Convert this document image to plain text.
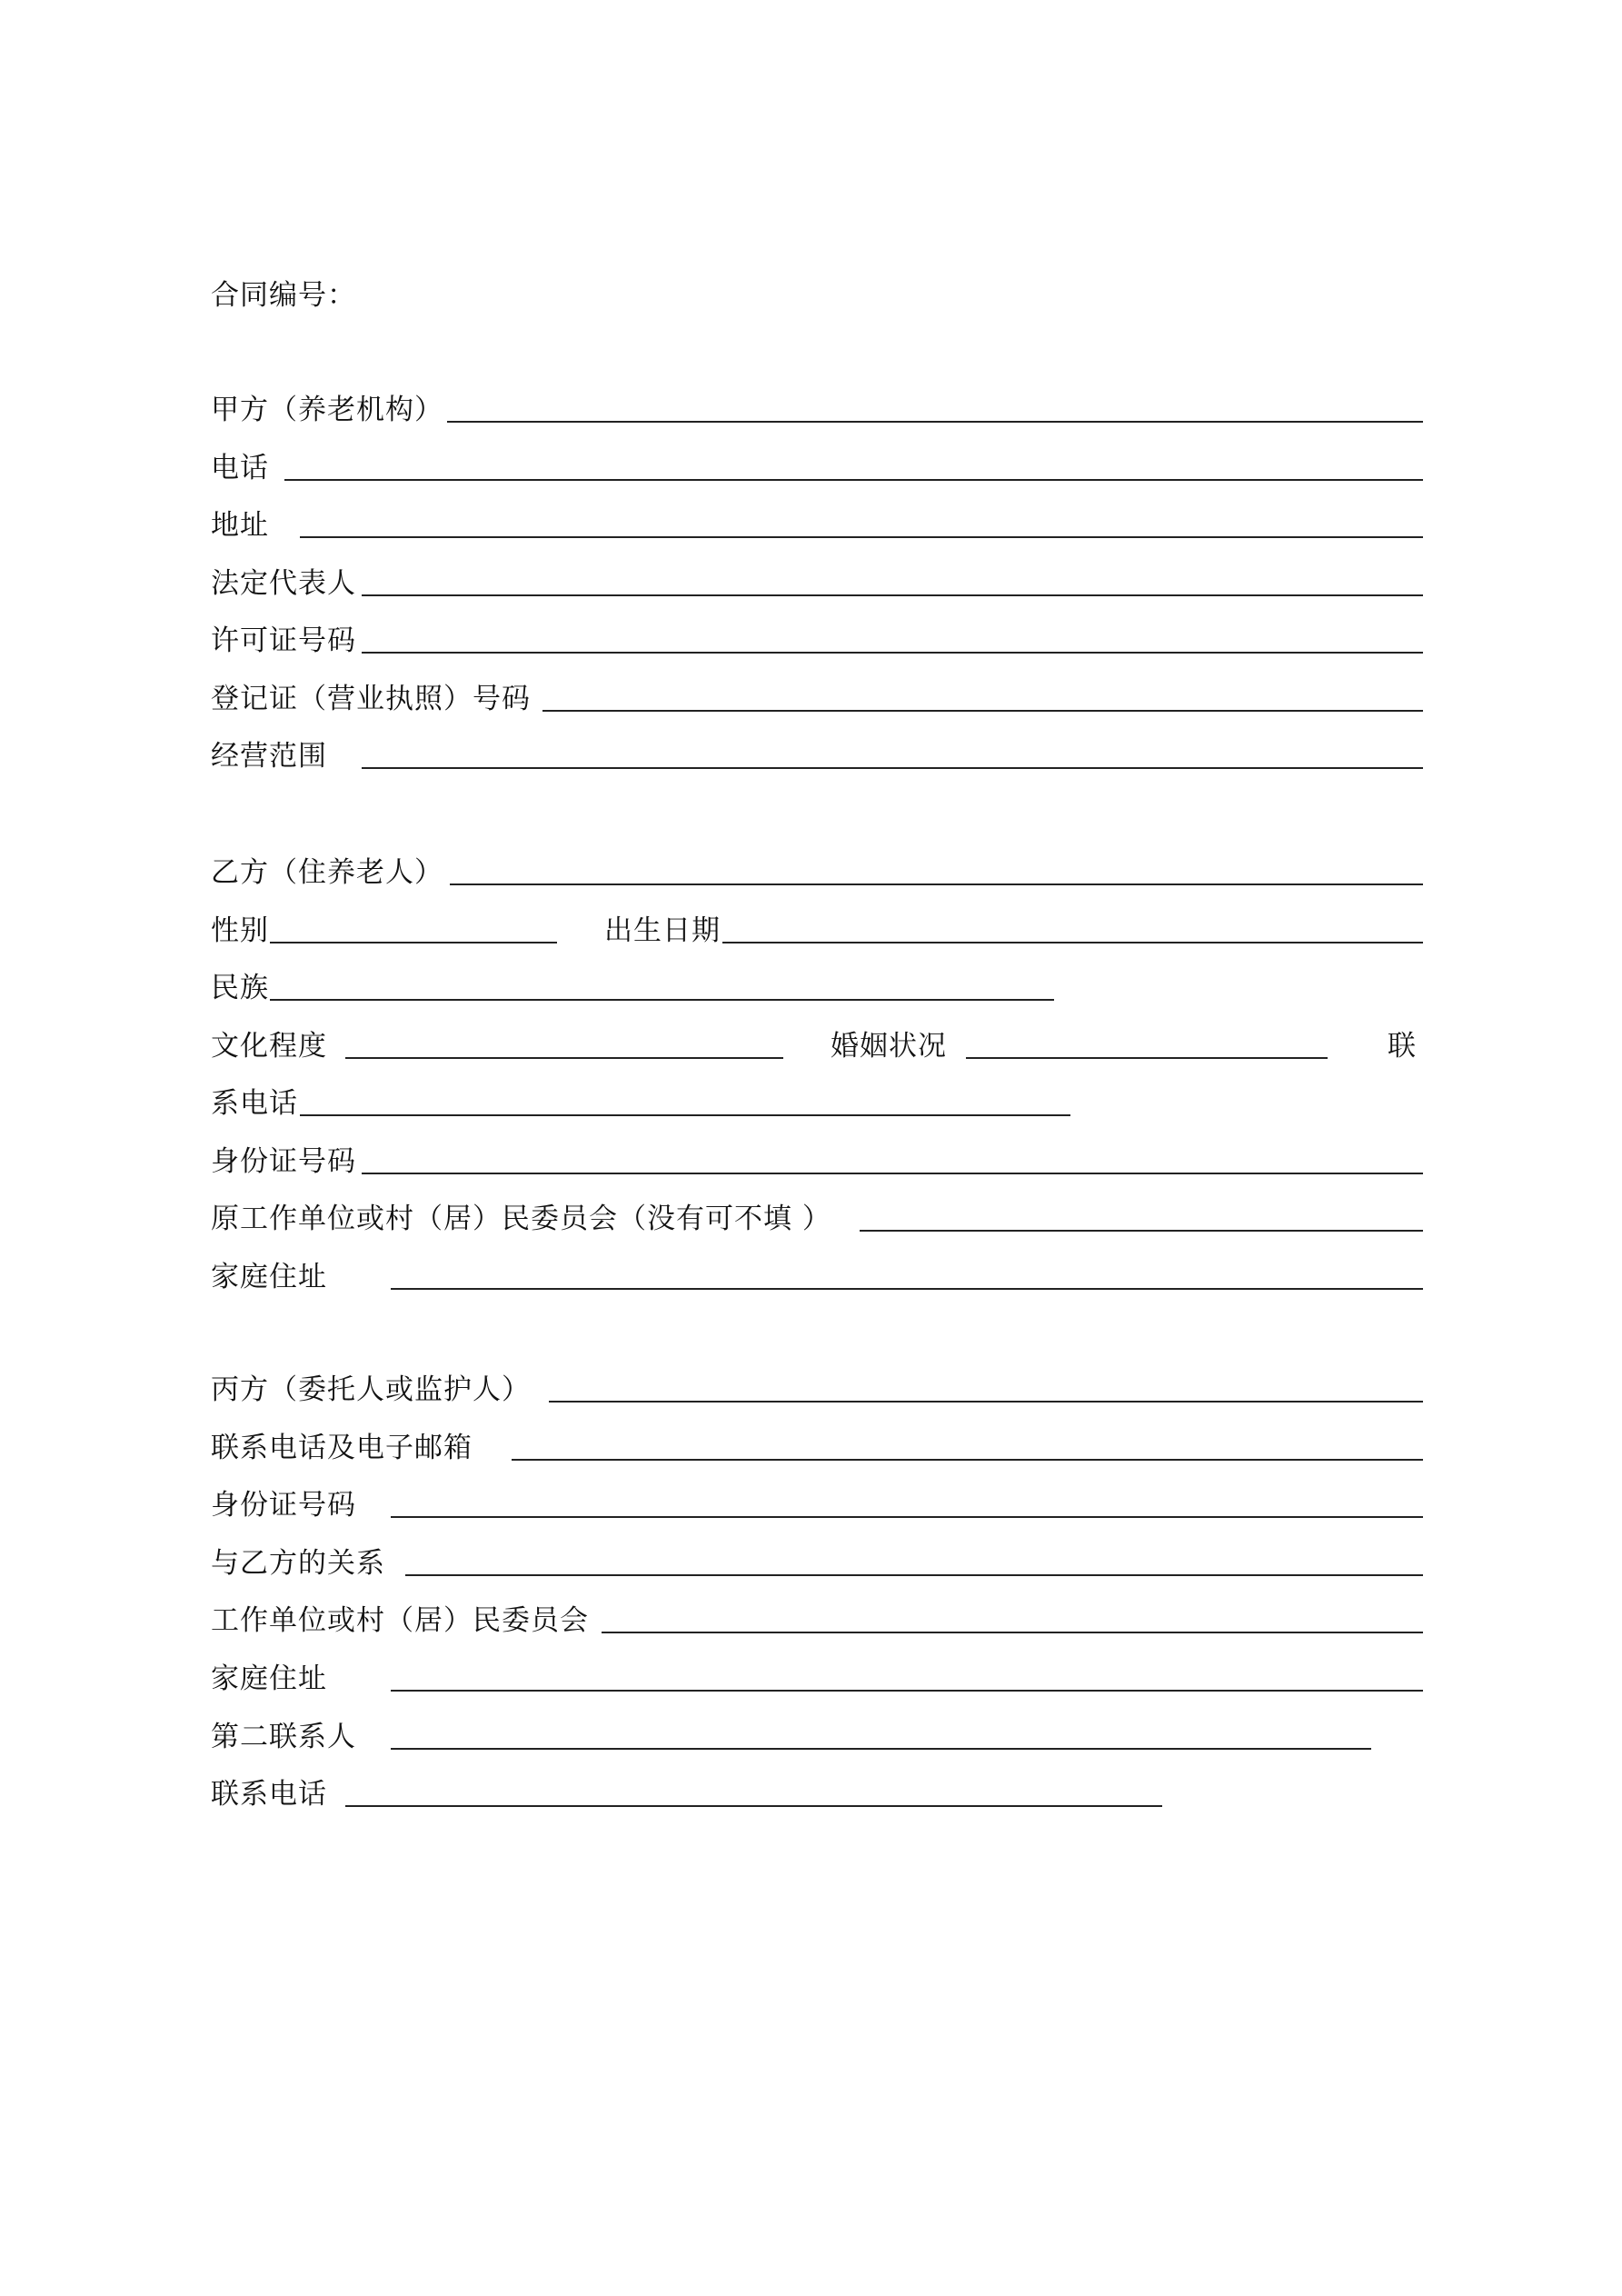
合同编号：
甲方（养老机构）
电话
地址
法定代表人
许可证号码
登记证（营业执照）号码
经营范围
乙方（住养老人）
性别	出生日期
民族
文化程度	婚姻状况	联
系电话
身份证号码
原工作单位或村（居）民委员会（没有可不填 ）
家庭住址
丙方（委托人或监护人）
联系电话及电子邮箱
身份证号码
与乙方的关系
工作单位或村（居）民委员会
家庭住址
第二联系人
联系电话
